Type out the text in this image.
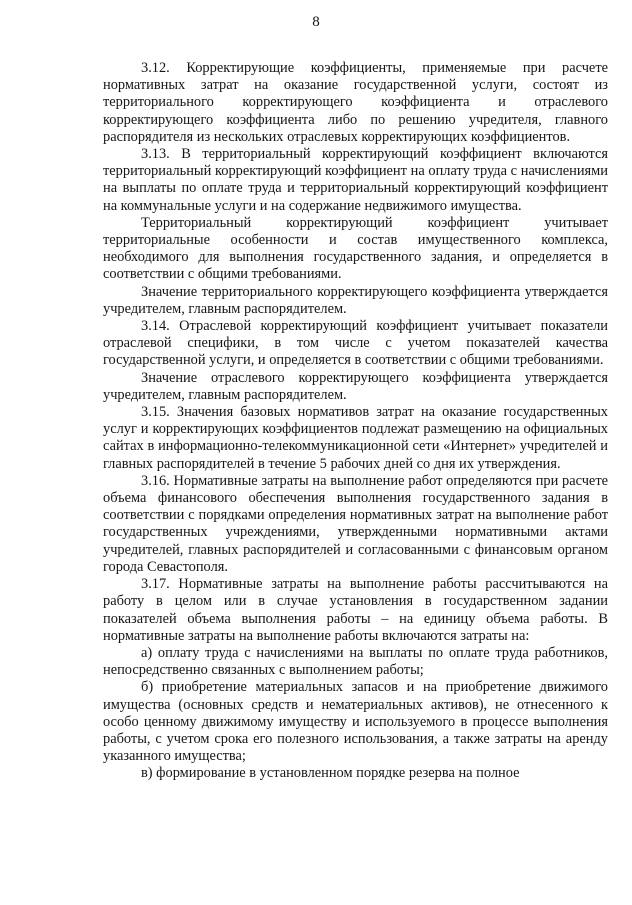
8

3.12. Корректирующие коэффициенты, применяемые при расчете нормативных затрат на оказание государственной услуги, состоят из территориального корректирующего коэффициента и отраслевого корректирующего коэффициента либо по решению учредителя, главного распорядителя из нескольких отраслевых корректирующих коэффициентов.

3.13. В территориальный корректирующий коэффициент включаются территориальный корректирующий коэффициент на оплату труда с начислениями на выплаты по оплате труда и территориальный корректирующий коэффициент на коммунальные услуги и на содержание недвижимого имущества.

Территориальный корректирующий коэффициент учитывает территориальные особенности и состав имущественного комплекса, необходимого для выполнения государственного задания, и определяется в соответствии с общими требованиями.

Значение территориального корректирующего коэффициента утверждается учредителем, главным распорядителем.

3.14. Отраслевой корректирующий коэффициент учитывает показатели отраслевой специфики, в том числе с учетом показателей качества государственной услуги, и определяется в соответствии с общими требованиями.

Значение отраслевого корректирующего коэффициента утверждается учредителем, главным распорядителем.

3.15. Значения базовых нормативов затрат на оказание государственных услуг и корректирующих коэффициентов подлежат размещению на официальных сайтах в информационно-телекоммуникационной сети «Интернет» учредителей и главных распорядителей в течение 5 рабочих дней со дня их утверждения.

3.16. Нормативные затраты на выполнение работ определяются при расчете объема финансового обеспечения выполнения государственного задания в соответствии с порядками определения нормативных затрат на выполнение работ государственных учреждениями, утвержденными нормативными актами учредителей, главных распорядителей и согласованными с финансовым органом города Севастополя.

3.17. Нормативные затраты на выполнение работы рассчитываются на работу в целом или в случае установления в государственном задании показателей объема выполнения работы – на единицу объема работы. В нормативные затраты на выполнение работы включаются затраты на:

а) оплату труда с начислениями на выплаты по оплате труда работников, непосредственно связанных с выполнением работы;

б) приобретение материальных запасов и на приобретение движимого имущества (основных средств и нематериальных активов), не отнесенного к особо ценному движимому имуществу и используемого в процессе выполнения работы, с учетом срока его полезного использования, а также затраты на аренду указанного имущества;

в) формирование в установленном порядке резерва на полное
